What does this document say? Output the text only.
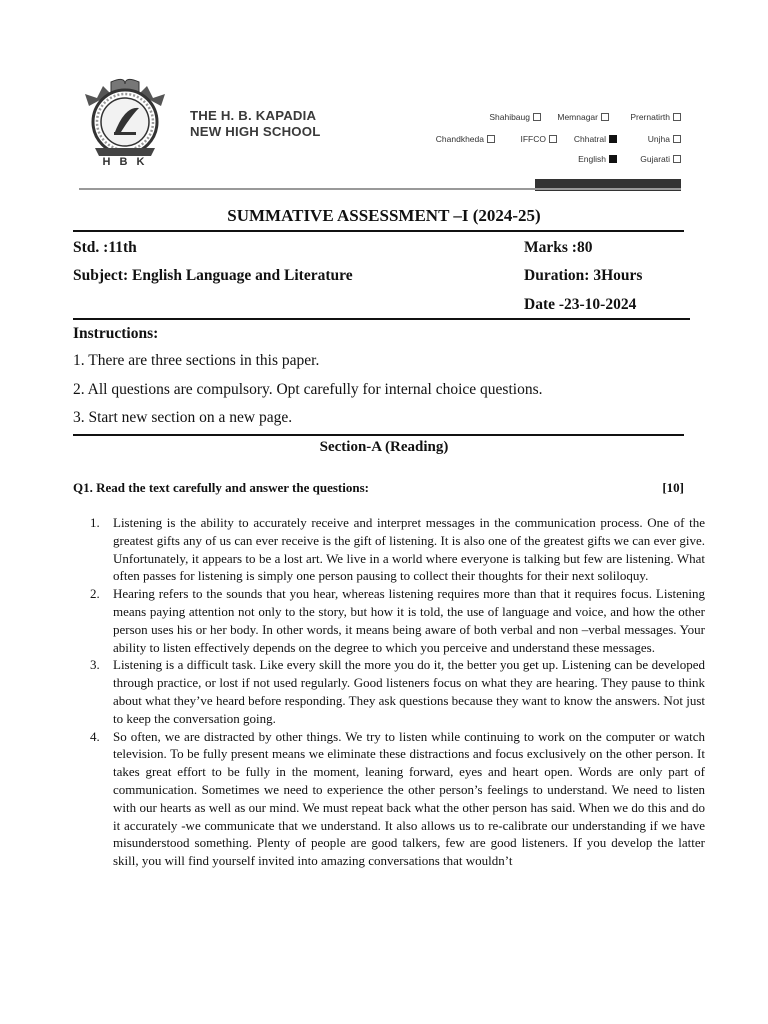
H B K
THE H. B. KAPADIA
NEW HIGH SCHOOL
Shahibaug	Memnagar	Prernatirth
Chandkheda	IFFCO	Chhatral	Unjha
English	Gujarati
SUMMATIVE ASSESSMENT –I (2024-25)
Std. :11th	Marks :80
Subject: English Language and Literature	Duration: 3Hours
Date -23-10-2024
Instructions:
1. There are three sections in this paper.
2. All questions are compulsory. Opt carefully for internal choice questions.
3. Start new section on a new page.
Section-A (Reading)
Q1. Read the text carefully and answer the questions:	[10]
1. Listening is the ability to accurately receive and interpret messages in the communication process. One of the greatest gifts any of us can ever receive is the gift of listening. It is also one of the greatest gifts we can ever give. Unfortunately, it appears to be a lost art. We live in a world where everyone is talking but few are listening. What often passes for listening is simply one person pausing to collect their thoughts for their next soliloquy.
2. Hearing refers to the sounds that you hear, whereas listening requires more than that it requires focus. Listening means paying attention not only to the story, but how it is told, the use of language and voice, and how the other person uses his or her body. In other words, it means being aware of both verbal and non –verbal messages. Your ability to listen effectively depends on the degree to which you perceive and understand these messages.
3. Listening is a difficult task. Like every skill the more you do it, the better you get up. Listening can be developed through practice, or lost if not used regularly. Good listeners focus on what they are hearing. They pause to think about what they’ve heard before responding. They ask questions because they want to know the answers. Not just to keep the conversation going.
4. So often, we are distracted by other things. We try to listen while continuing to work on the computer or watch television. To be fully present means we eliminate these distractions and focus exclusively on the other person. It takes great effort to be fully in the moment, leaning forward, eyes and heart open. Words are only part of communication. Sometimes we need to experience the other person’s feelings to understand. We need to listen with our hearts as well as our mind. We must repeat back what the other person has said. When we do this and do it accurately -we communicate that we understand. It also allows us to re-calibrate our understanding if we have misunderstood something. Plenty of people are good talkers, few are good listeners. If you develop the latter skill, you will find yourself invited into amazing conversations that wouldn’t
